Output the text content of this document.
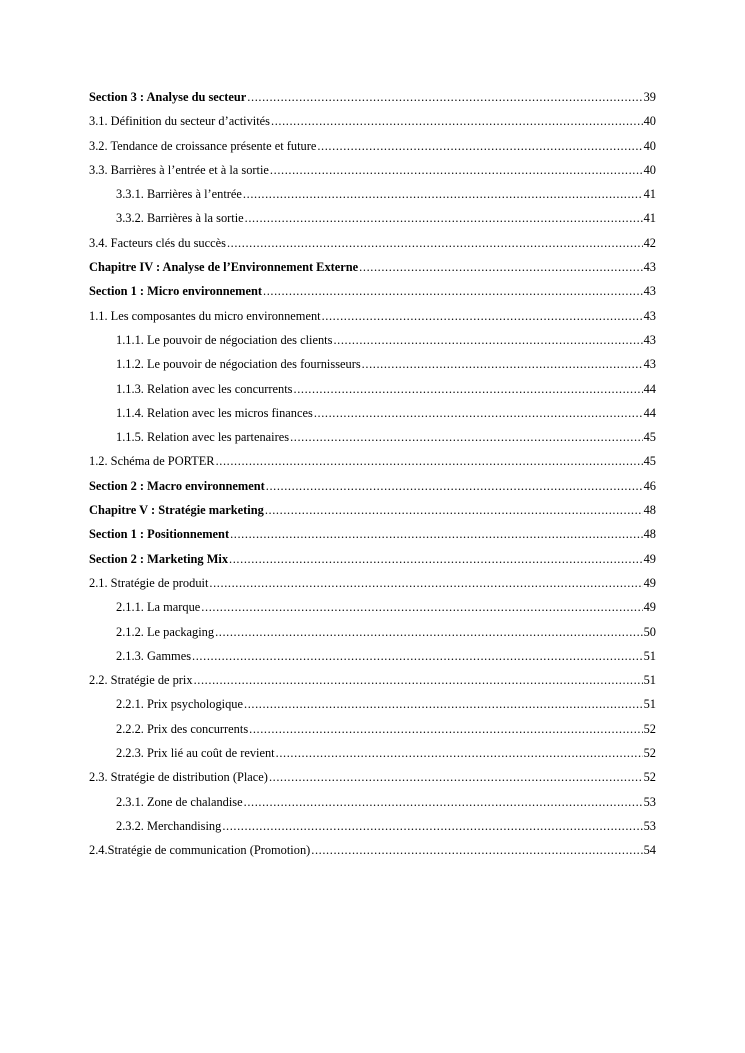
Section 3 : Analyse du secteur .....	39
3.1. Définition du secteur d’activités .....	40
3.2. Tendance de croissance présente et future .....	40
3.3. Barrières à l’entrée et à la sortie .....	40
3.3.1. Barrières à l’entrée .....	41
3.3.2. Barrières à la sortie .....	41
3.4. Facteurs clés du succès .....	42
Chapitre IV : Analyse de l’Environnement Externe .....	43
Section 1 : Micro environnement .....	43
1.1. Les composantes du micro environnement .....	43
1.1.1. Le pouvoir de négociation des clients .....	43
1.1.2. Le pouvoir de négociation des fournisseurs .....	43
1.1.3. Relation avec les concurrents .....	44
1.1.4. Relation avec les micros finances .....	44
1.1.5. Relation avec les partenaires .....	45
1.2. Schéma de PORTER .....	45
Section 2 : Macro environnement .....	46
Chapitre V : Stratégie marketing .....	48
Section 1 : Positionnement .....	48
Section 2 : Marketing Mix .....	49
2.1. Stratégie de produit .....	49
2.1.1. La marque .....	49
2.1.2. Le packaging .....	50
2.1.3. Gammes .....	51
2.2. Stratégie de prix .....	51
2.2.1. Prix psychologique .....	51
2.2.2. Prix des concurrents .....	52
2.2.3. Prix lié au coût de revient .....	52
2.3. Stratégie de distribution (Place) .....	52
2.3.1. Zone de chalandise .....	53
2.3.2. Merchandising .....	53
2.4.Stratégie de communication (Promotion) .....	54
